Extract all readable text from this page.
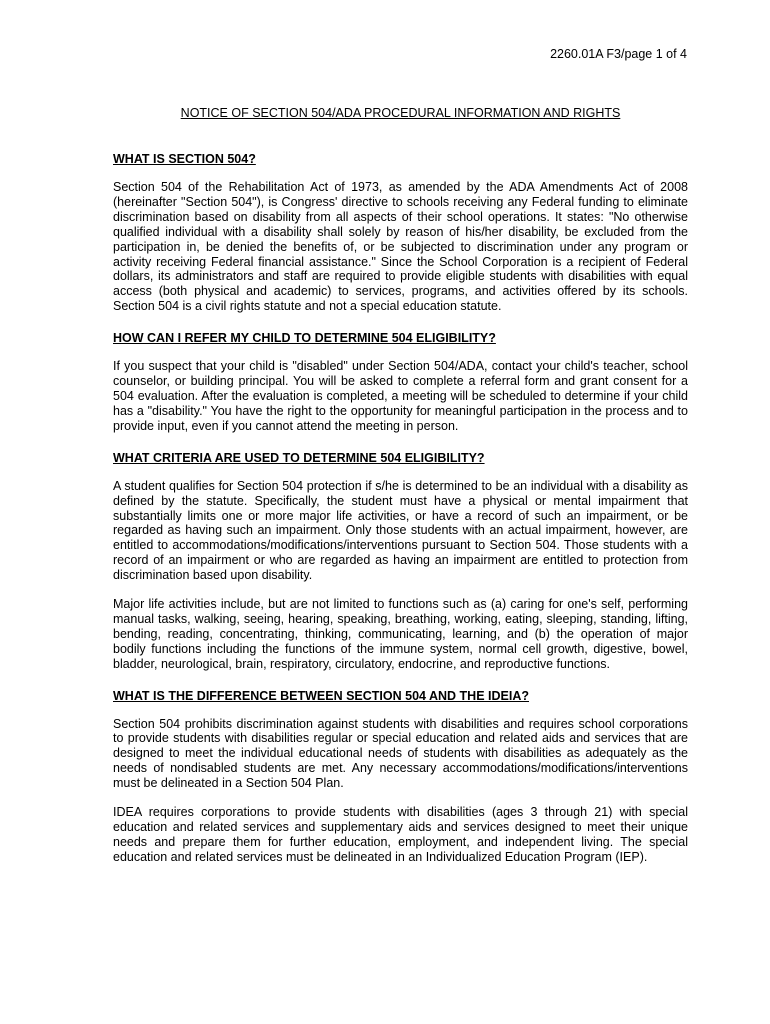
2260.01A F3/page 1 of 4
NOTICE OF SECTION 504/ADA PROCEDURAL INFORMATION AND RIGHTS
WHAT IS SECTION 504?

Section 504 of the Rehabilitation Act of 1973, as amended by the ADA Amendments Act of 2008 (hereinafter "Section 504"), is Congress' directive to schools receiving any Federal funding to eliminate discrimination based on disability from all aspects of their school operations. It states: "No otherwise qualified individual with a disability shall solely by reason of his/her disability, be excluded from the participation in, be denied the benefits of, or be subjected to discrimination under any program or activity receiving Federal financial assistance." Since the School Corporation is a recipient of Federal dollars, its administrators and staff are required to provide eligible students with disabilities with equal access (both physical and academic) to services, programs, and activities offered by its schools. Section 504 is a civil rights statute and not a special education statute.

HOW CAN I REFER MY CHILD TO DETERMINE 504 ELIGIBILITY?

If you suspect that your child is "disabled" under Section 504/ADA, contact your child's teacher, school counselor, or building principal. You will be asked to complete a referral form and grant consent for a 504 evaluation. After the evaluation is completed, a meeting will be scheduled to determine if your child has a "disability." You have the right to the opportunity for meaningful participation in the process and to provide input, even if you cannot attend the meeting in person.

WHAT CRITERIA ARE USED TO DETERMINE 504 ELIGIBILITY?

A student qualifies for Section 504 protection if s/he is determined to be an individual with a disability as defined by the statute. Specifically, the student must have a physical or mental impairment that substantially limits one or more major life activities, or have a record of such an impairment, or be regarded as having such an impairment. Only those students with an actual impairment, however, are entitled to accommodations/modifications/interventions pursuant to Section 504. Those students with a record of an impairment or who are regarded as having an impairment are entitled to protection from discrimination based upon disability.

Major life activities include, but are not limited to functions such as (a) caring for one's self, performing manual tasks, walking, seeing, hearing, speaking, breathing, working, eating, sleeping, standing, lifting, bending, reading, concentrating, thinking, communicating, learning, and (b) the operation of major bodily functions including the functions of the immune system, normal cell growth, digestive, bowel, bladder, neurological, brain, respiratory, circulatory, endocrine, and reproductive functions.

WHAT IS THE DIFFERENCE BETWEEN SECTION 504 AND THE IDEIA?

Section 504 prohibits discrimination against students with disabilities and requires school corporations to provide students with disabilities regular or special education and related aids and services that are designed to meet the individual educational needs of students with disabilities as adequately as the needs of nondisabled students are met. Any necessary accommodations/modifications/interventions must be delineated in a Section 504 Plan.

IDEA requires corporations to provide students with disabilities (ages 3 through 21) with special education and related services and supplementary aids and services designed to meet their unique needs and prepare them for further education, employment, and independent living. The special education and related services must be delineated in an Individualized Education Program (IEP).
